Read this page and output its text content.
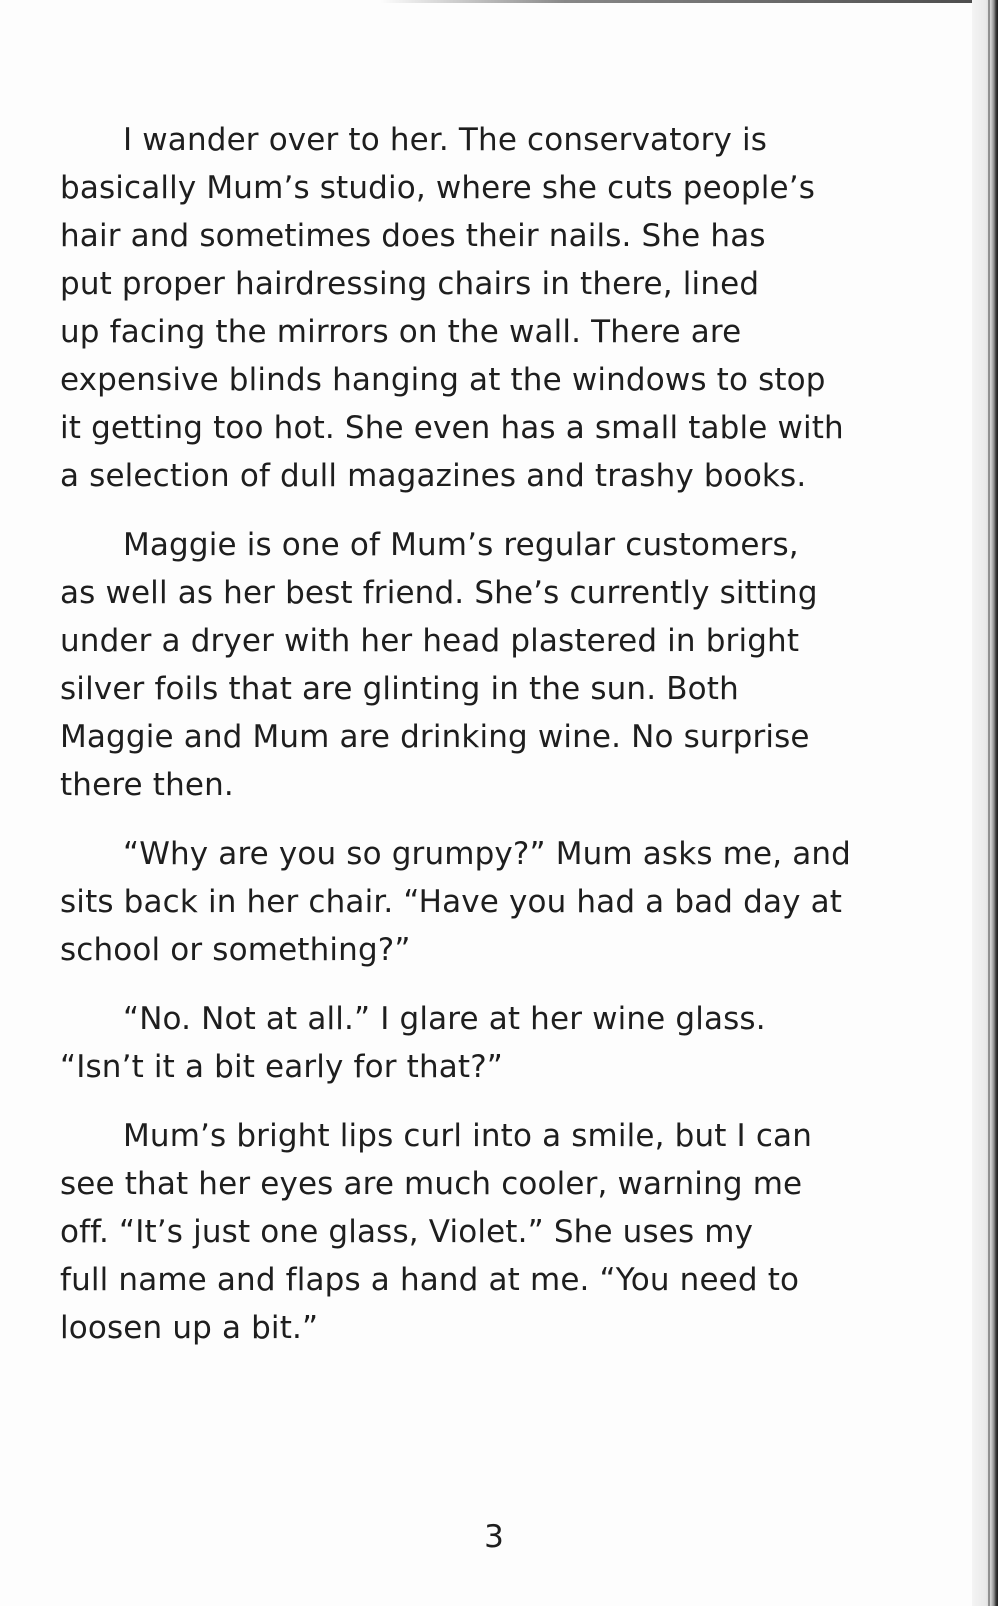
I wander over to her. The conservatory is
basically Mum’s studio, where she cuts people’s
hair and sometimes does their nails. She has
put proper hairdressing chairs in there, lined
up facing the mirrors on the wall. There are
expensive blinds hanging at the windows to stop
it getting too hot. She even has a small table with
a selection of dull magazines and trashy books.
Maggie is one of Mum’s regular customers,
as well as her best friend. She’s currently sitting
under a dryer with her head plastered in bright
silver foils that are glinting in the sun. Both
Maggie and Mum are drinking wine. No surprise
there then.
“Why are you so grumpy?” Mum asks me, and
sits back in her chair. “Have you had a bad day at
school or something?”
“No. Not at all.” I glare at her wine glass.
“Isn’t it a bit early for that?”
Mum’s bright lips curl into a smile, but I can
see that her eyes are much cooler, warning me
off. “It’s just one glass, Violet.” She uses my
full name and flaps a hand at me. “You need to
loosen up a bit.”
3
